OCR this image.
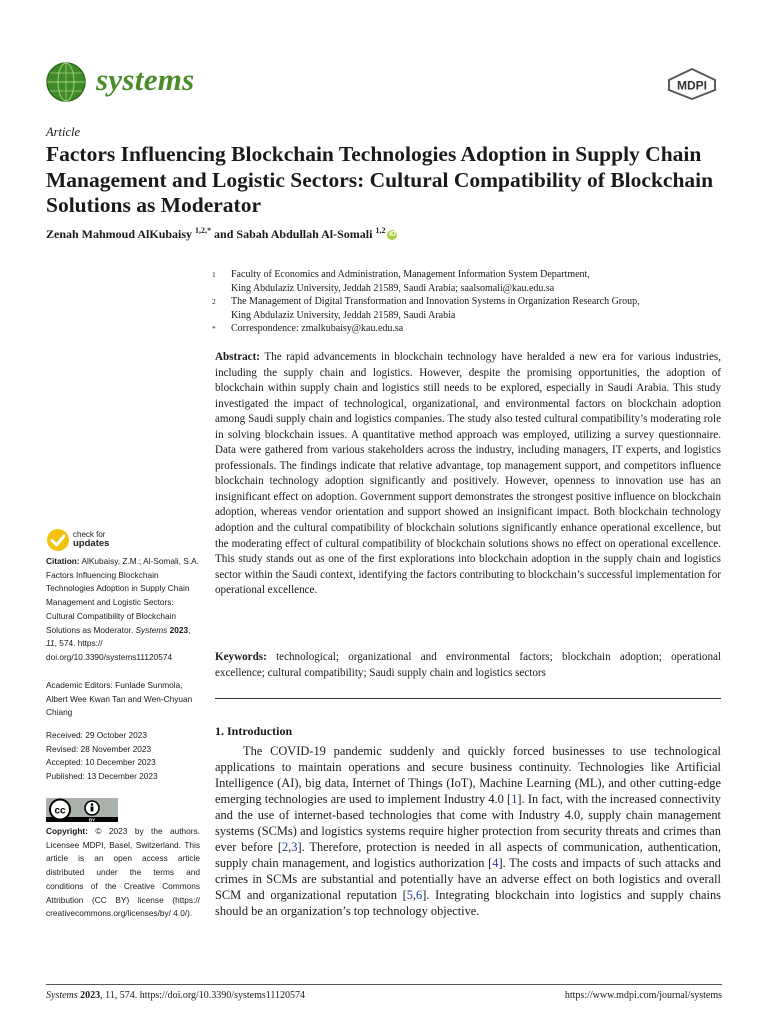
systems	MDPI
Article
Factors Influencing Blockchain Technologies Adoption in Supply Chain Management and Logistic Sectors: Cultural Compatibility of Blockchain Solutions as Moderator
Zenah Mahmoud AlKubaisy $^{1,2,*}$ and Sabah Abdullah Al-Somali $^{1,2}$ iD
1	Faculty of Economics and Administration, Management Information System Department,
King Abdulaziz University, Jeddah 21589, Saudi Arabia; saalsomali@kau.edu.sa
2	The Management of Digital Transformation and Innovation Systems in Organization Research Group,
King Abdulaziz University, Jeddah 21589, Saudi Arabia
*	Correspondence: zmalkubaisy@kau.edu.sa

Abstract: The rapid advancements in blockchain technology have heralded a new era for various industries, including the supply chain and logistics. However, despite the promising opportunities, the adoption of blockchain within supply chain and logistics still needs to be explored, especially in Saudi Arabia. This study investigated the impact of technological, organizational, and environmental factors on blockchain adoption among Saudi supply chain and logistics companies. The study also tested cultural compatibility’s moderating role in solving blockchain issues. A quantitative method approach was employed, utilizing a survey questionnaire. Data were gathered from various stakeholders across the industry, including managers, IT experts, and logistics professionals. The findings indicate that relative advantage, top management support, and competitors influence blockchain technology adoption significantly and positively. However, openness to innovation use has an insignificant effect on adoption. Government support demonstrates the strongest positive influence on blockchain adoption, whereas vendor orientation and support showed an insignificant impact. Both blockchain technology adoption and the cultural compatibility of blockchain solutions significantly enhance operational excellence, but the moderating effect of cultural compatibility of blockchain solutions shows no effect on operational excellence. This study stands out as one of the first explorations into blockchain adoption in the supply chain and logistics sector within the Saudi context, identifying the factors contributing to blockchain’s successful implementation for operational excellence.

Keywords: technological; organizational and environmental factors; blockchain adoption; operational excellence; cultural compatibility; Saudi supply chain and logistics sectors

1. Introduction

The COVID-19 pandemic suddenly and quickly forced businesses to use technological applications to maintain operations and secure business continuity. Technologies like Artificial Intelligence (AI), big data, Internet of Things (IoT), Machine Learning (ML), and other cutting-edge emerging technologies are used to implement Industry 4.0 [1]. In fact, with the increased connectivity and the use of internet-based technologies that come with Industry 4.0, supply chain management systems (SCMs) and logistics systems require higher protection from security threats and crimes than ever before [2,3]. Therefore, protection is needed in all aspects of communication, authentication, supply chain management, and logistics authorization [4]. The costs and impacts of such attacks and crimes in SCMs are substantial and potentially have an adverse effect on both logistics and overall SCM and organizational reputation [5,6]. Integrating blockchain into logistics and supply chains should be an organization’s top technology objective.

check for
updates
Citation: AlKubaisy, Z.M.; Al-Somali, S.A. Factors Influencing Blockchain Technologies Adoption in Supply Chain Management and Logistic Sectors: Cultural Compatibility of Blockchain Solutions as Moderator. Systems 2023, 11, 574. https:// doi.org/10.3390/systems11120574
Academic Editors: Funlade Sunmola, Albert Wee Kwan Tan and Wen-Chyuan Chiang
Received: 29 October 2023
Revised: 28 November 2023
Accepted: 10 December 2023
Published: 13 December 2023
cc
BY
Copyright: © 2023 by the authors. Licensee MDPI, Basel, Switzerland. This article is an open access article distributed under the terms and conditions of the Creative Commons Attribution (CC BY) license (https:// creativecommons.org/licenses/by/ 4.0/).
Systems 2023, 11, 574. https://doi.org/10.3390/systems11120574	https://www.mdpi.com/journal/systems
